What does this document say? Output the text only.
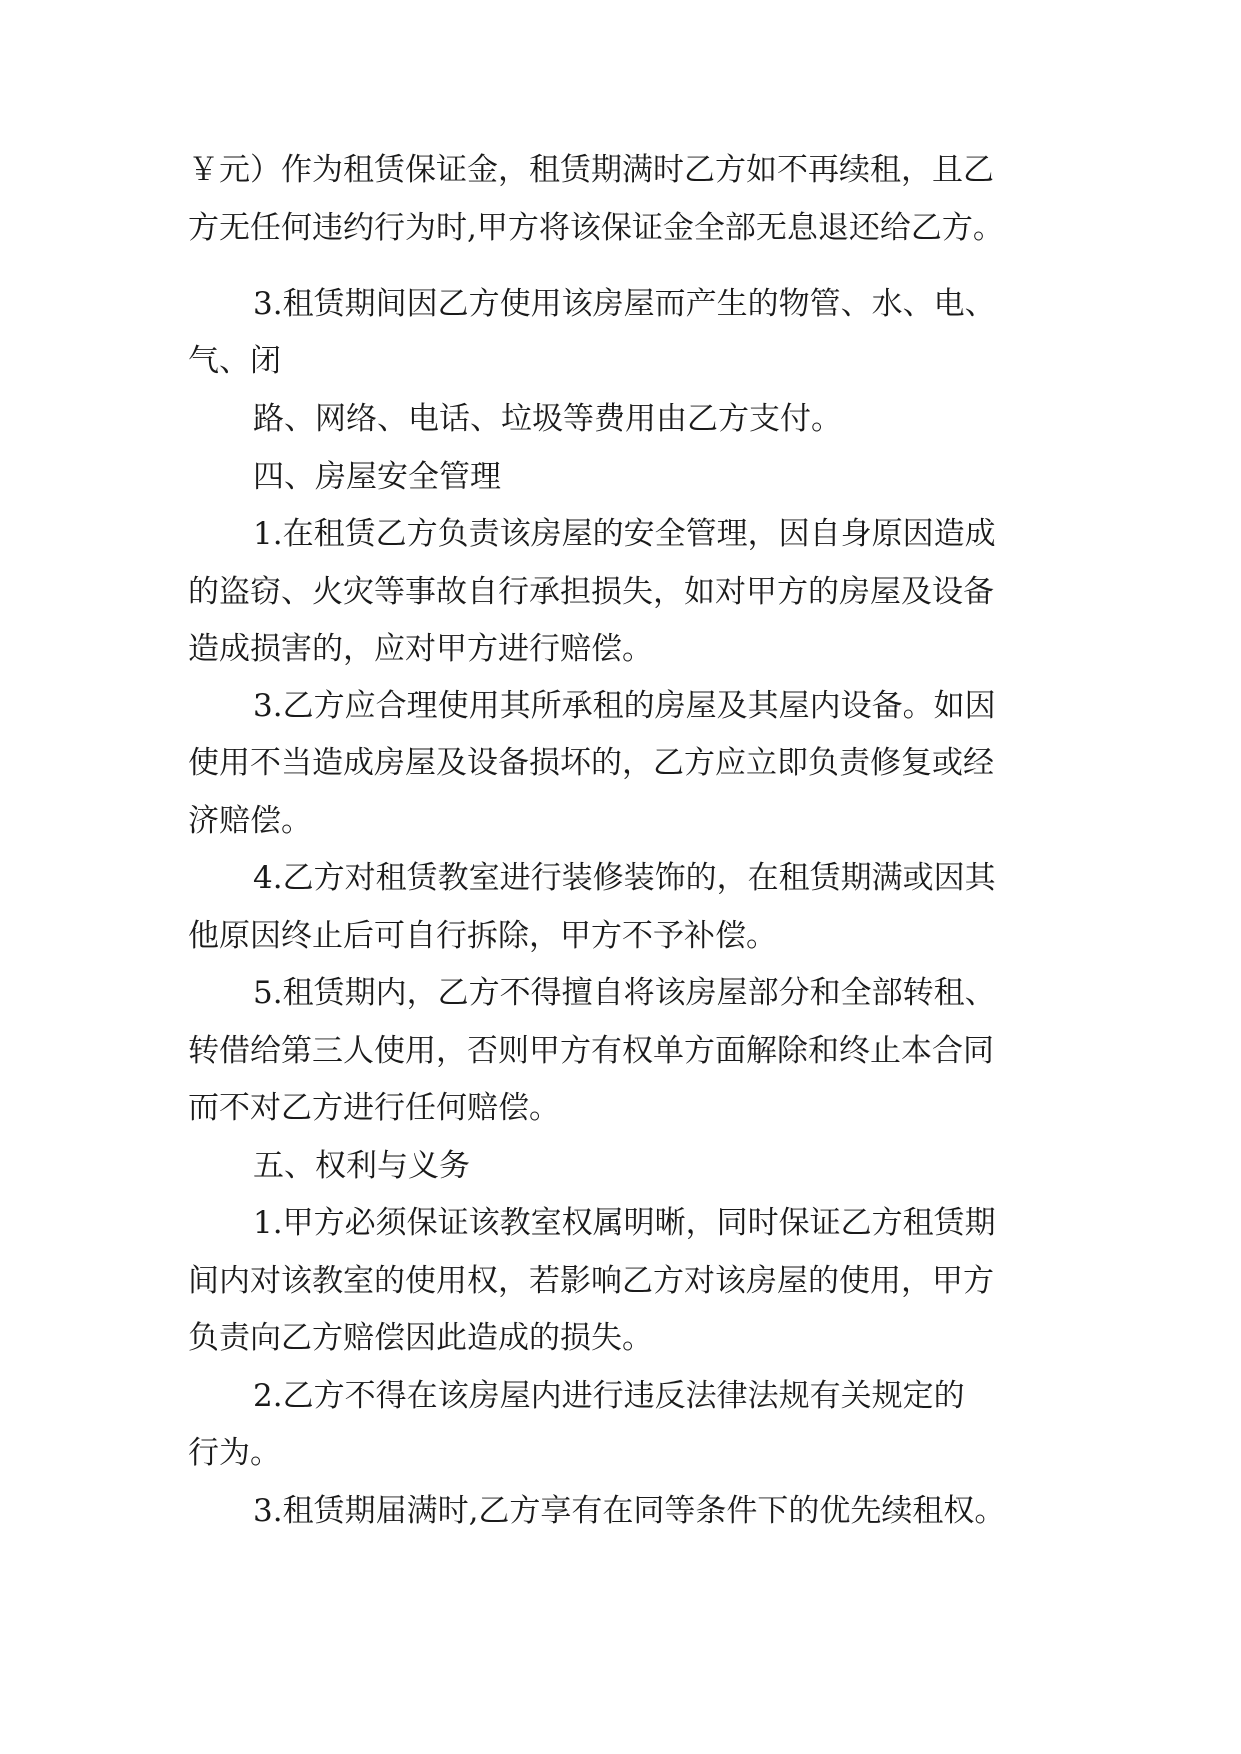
￥元）作为租赁保证金，租赁期满时乙方如不再续租，且乙
方无任何违约行为时,甲方将该保证金全部无息退还给乙方。
3.租赁期间因乙方使用该房屋而产生的物管、水、电、
气、闭
路、网络、电话、垃圾等费用由乙方支付。
四、房屋安全管理
1.在租赁乙方负责该房屋的安全管理，因自身原因造成
的盗窃、火灾等事故自行承担损失，如对甲方的房屋及设备
造成损害的，应对甲方进行赔偿。
3.乙方应合理使用其所承租的房屋及其屋内设备。如因
使用不当造成房屋及设备损坏的，乙方应立即负责修复或经
济赔偿。
4.乙方对租赁教室进行装修装饰的，在租赁期满或因其
他原因终止后可自行拆除，甲方不予补偿。
5.租赁期内，乙方不得擅自将该房屋部分和全部转租、
转借给第三人使用，否则甲方有权单方面解除和终止本合同
而不对乙方进行任何赔偿。
五、权利与义务
1.甲方必须保证该教室权属明晰，同时保证乙方租赁期
间内对该教室的使用权，若影响乙方对该房屋的使用，甲方
负责向乙方赔偿因此造成的损失。
2.乙方不得在该房屋内进行违反法律法规有关规定的
行为。
3.租赁期届满时,乙方享有在同等条件下的优先续租权。
